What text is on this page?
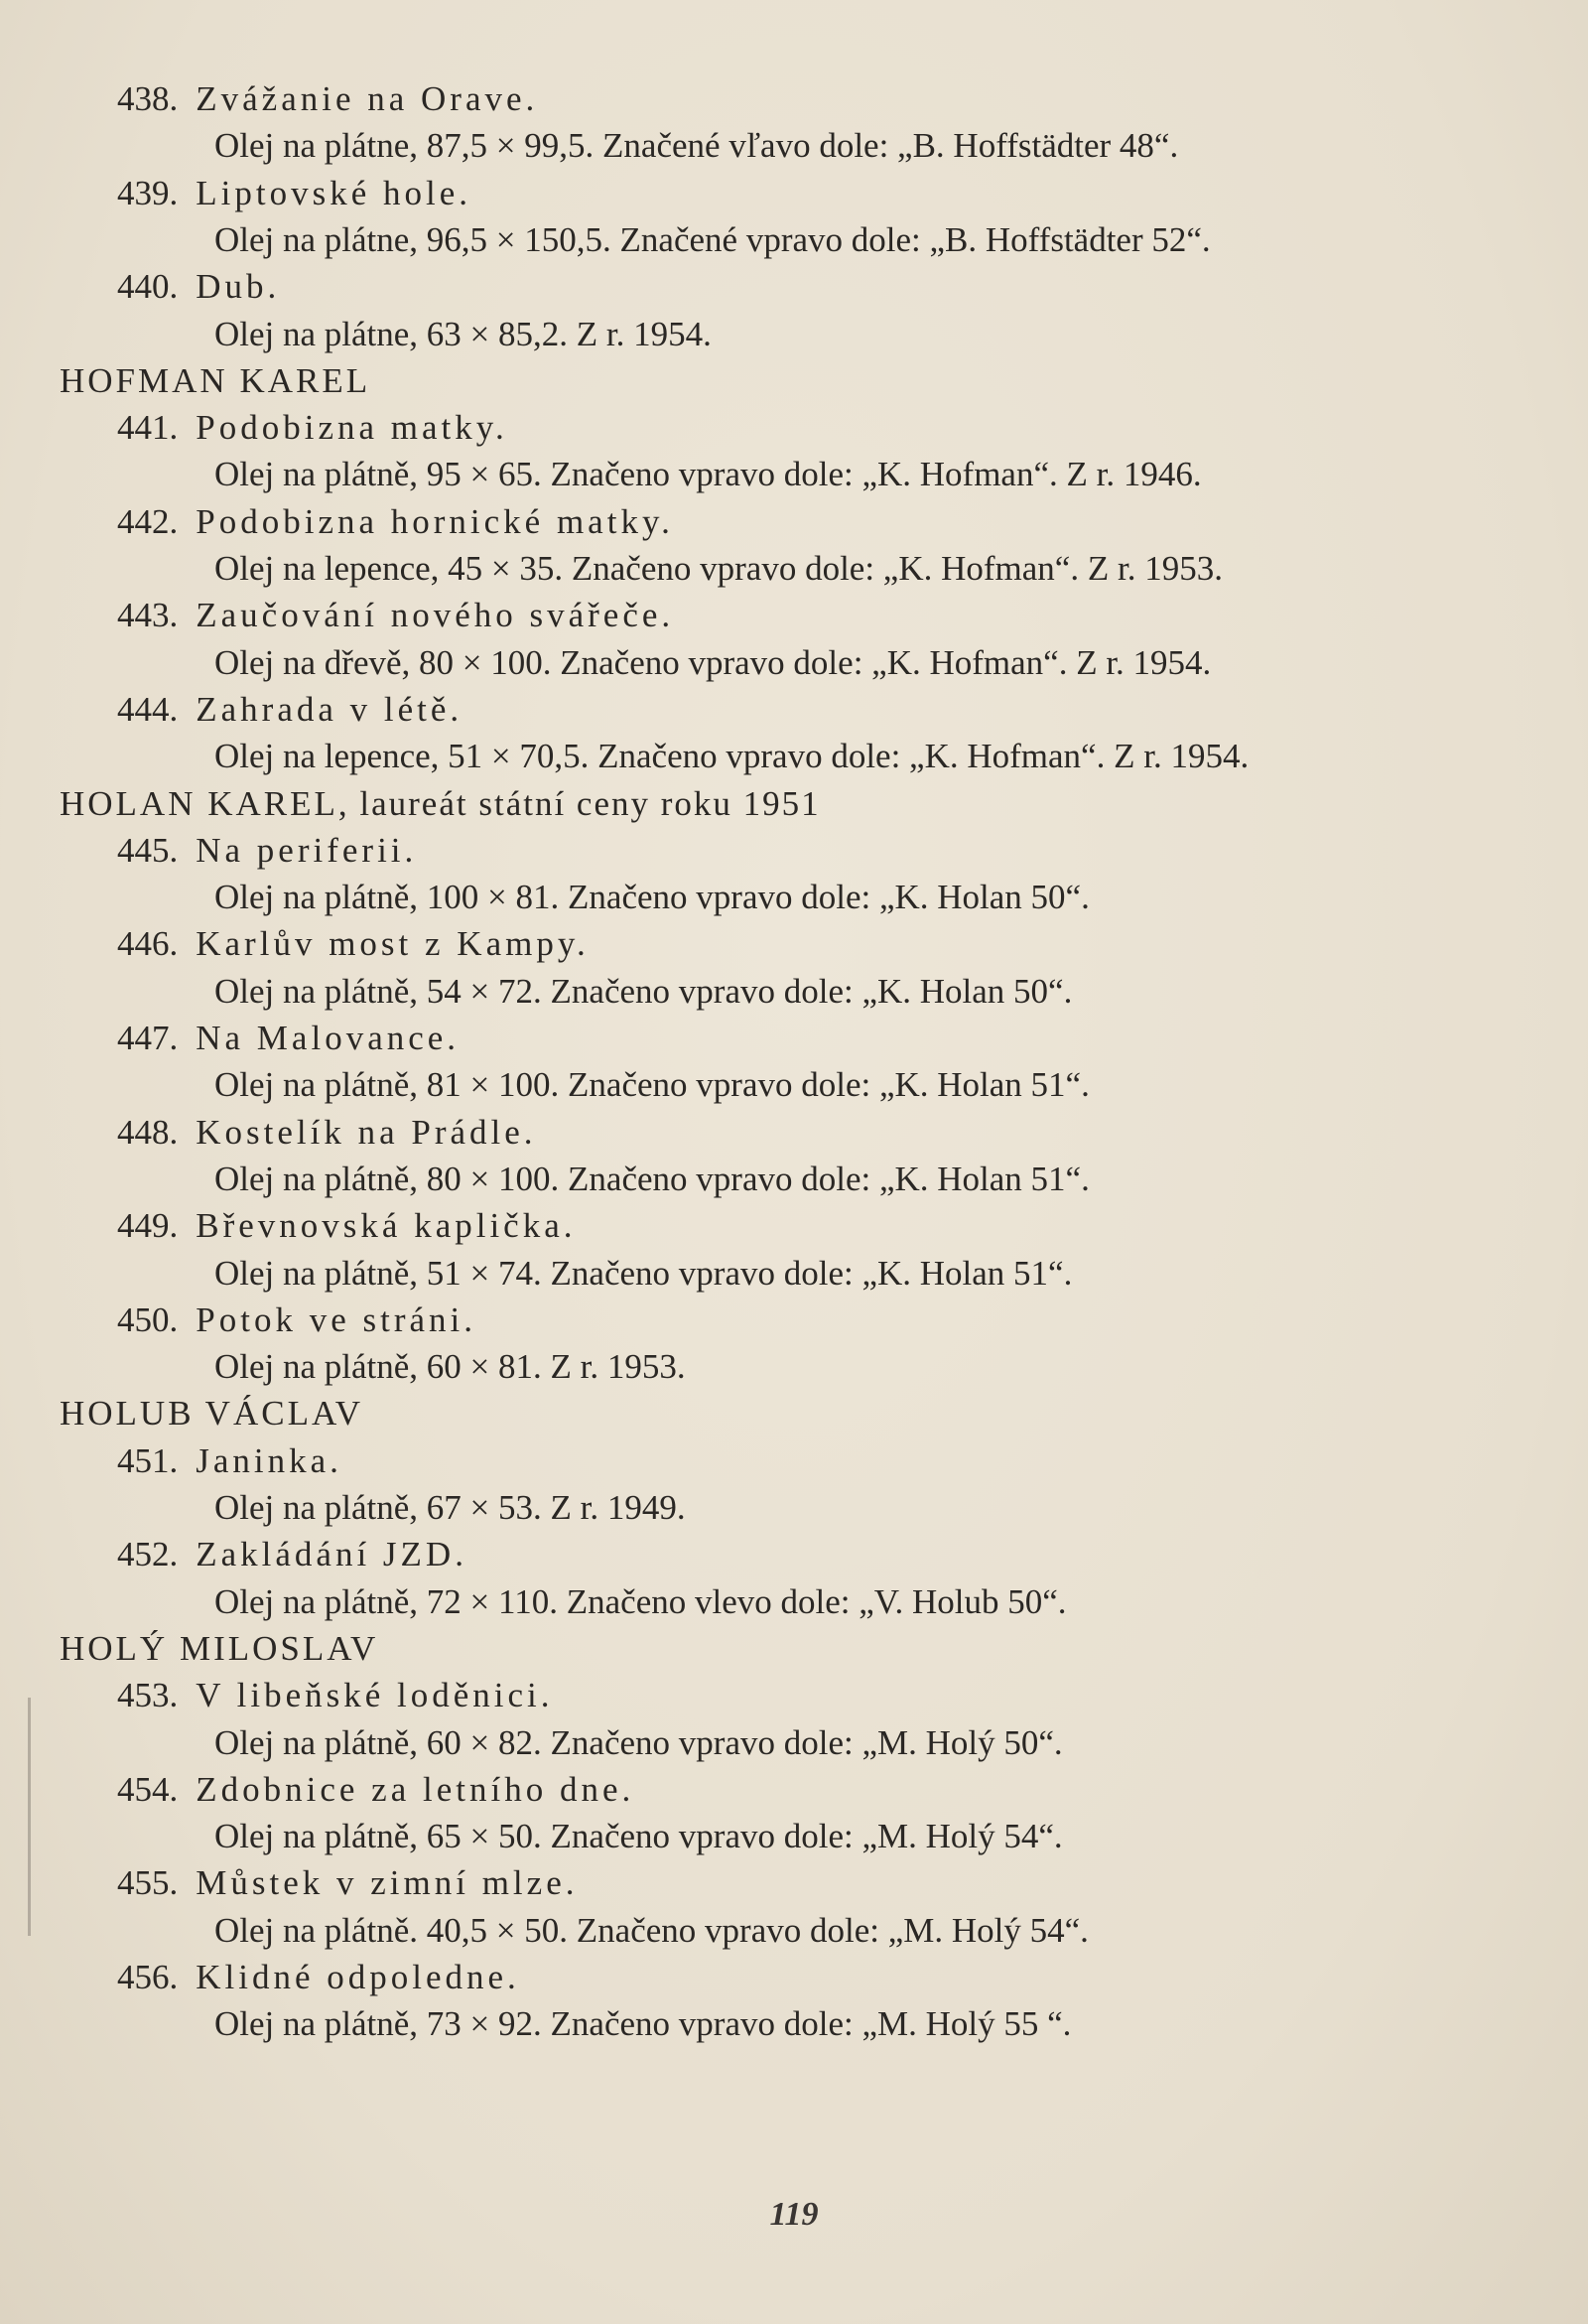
438. Zvážanie na Orave.
Olej na plátne, 87,5 × 99,5. Značené vľavo dole: „B. Hoffstädter 48“.
439. Liptovské hole.
Olej na plátne, 96,5 × 150,5. Značené vpravo dole: „B. Hoffstädter 52“.
440. Dub.
Olej na plátne, 63 × 85,2. Z r. 1954.
HOFMAN KAREL
441. Podobizna matky.
Olej na plátně, 95 × 65. Značeno vpravo dole: „K. Hofman“. Z r. 1946.
442. Podobizna hornické matky.
Olej na lepence, 45 × 35. Značeno vpravo dole: „K. Hofman“. Z r. 1953.
443. Zaučování nového svářeče.
Olej na dřevě, 80 × 100. Značeno vpravo dole: „K. Hofman“. Z r. 1954.
444. Zahrada v létě.
Olej na lepence, 51 × 70,5. Značeno vpravo dole: „K. Hofman“. Z r. 1954.
HOLAN KAREL, laureát státní ceny roku 1951
445. Na periferii.
Olej na plátně, 100 × 81. Značeno vpravo dole: „K. Holan 50“.
446. Karlův most z Kampy.
Olej na plátně, 54 × 72. Značeno vpravo dole: „K. Holan 50“.
447. Na Malovance.
Olej na plátně, 81 × 100. Značeno vpravo dole: „K. Holan 51“.
448. Kostelík na Prádle.
Olej na plátně, 80 × 100. Značeno vpravo dole: „K. Holan 51“.
449. Břevnovská kaplička.
Olej na plátně, 51 × 74. Značeno vpravo dole: „K. Holan 51“.
450. Potok ve stráni.
Olej na plátně, 60 × 81. Z r. 1953.
HOLUB VÁCLAV
451. Janinka.
Olej na plátně, 67 × 53. Z r. 1949.
452. Zakládání JZD.
Olej na plátně, 72 × 110. Značeno vlevo dole: „V. Holub 50“.
HOLÝ MILOSLAV
453. V libeňské loděnici.
Olej na plátně, 60 × 82. Značeno vpravo dole: „M. Holý 50“.
454. Zdobnice za letního dne.
Olej na plátně, 65 × 50. Značeno vpravo dole: „M. Holý 54“.
455. Můstek v zimní mlze.
Olej na plátně. 40,5 × 50. Značeno vpravo dole: „M. Holý 54“.
456. Klidné odpoledne.
Olej na plátně, 73 × 92. Značeno vpravo dole: „M. Holý 55 “.
119
